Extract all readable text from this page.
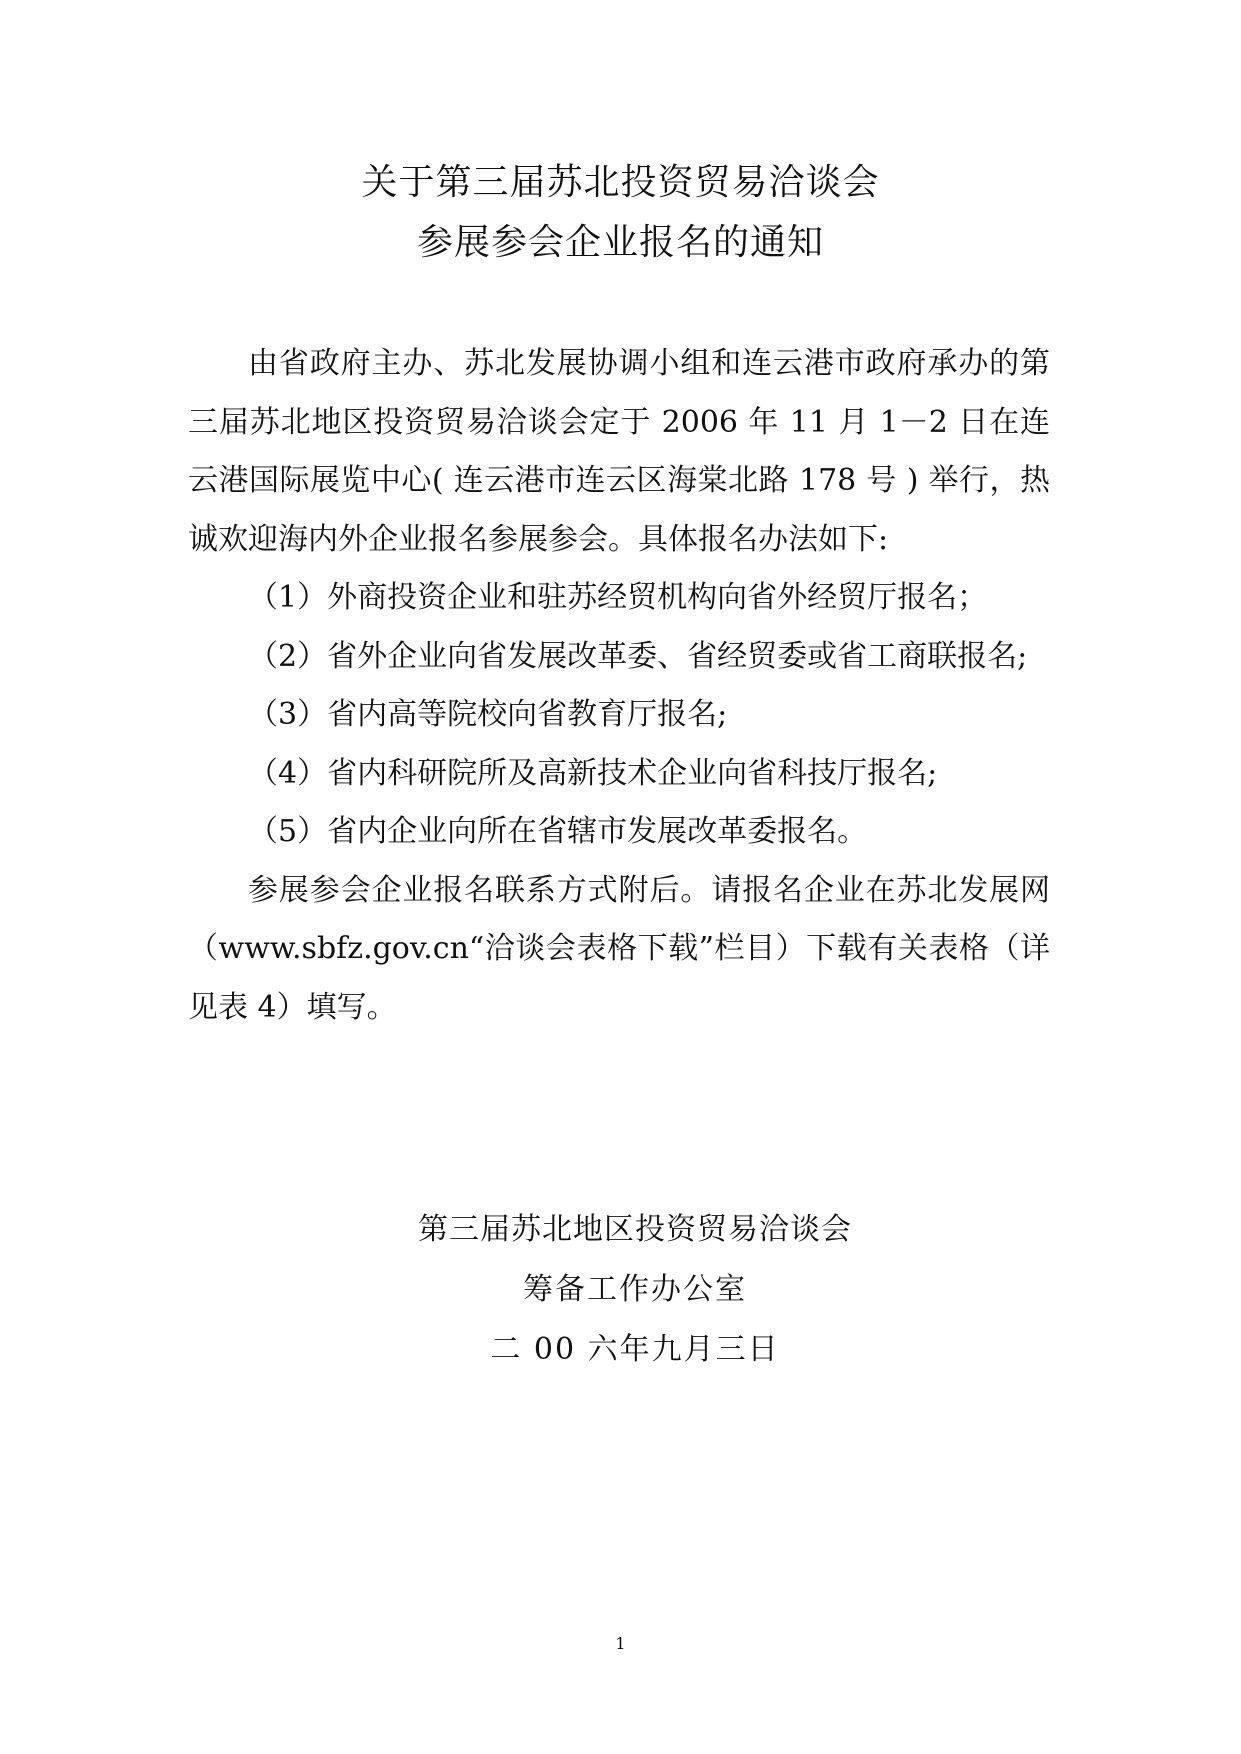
关于第三届苏北投资贸易洽谈会
参展参会企业报名的通知

由省政府主办、苏北发展协调小组和连云港市政府承办的第三届苏北地区投资贸易洽谈会定于 2006 年 11 月 1－2 日在连云港国际展览中心( 连云港市连云区海棠北路 178 号 ) 举行，热诚欢迎海内外企业报名参展参会。具体报名办法如下:

（1）外商投资企业和驻苏经贸机构向省外经贸厅报名；

（2）省外企业向省发展改革委、省经贸委或省工商联报名;

（3）省内高等院校向省教育厅报名;

（4）省内科研院所及高新技术企业向省科技厅报名;

（5）省内企业向所在省辖市发展改革委报名。

参展参会企业报名联系方式附后。请报名企业在苏北发展网（www.sbfz.gov.cn“洽谈会表格下载”栏目）下载有关表格（详见表 4）填写。

第三届苏北地区投资贸易洽谈会
筹备工作办公室
二 00 六年九月三日
1
